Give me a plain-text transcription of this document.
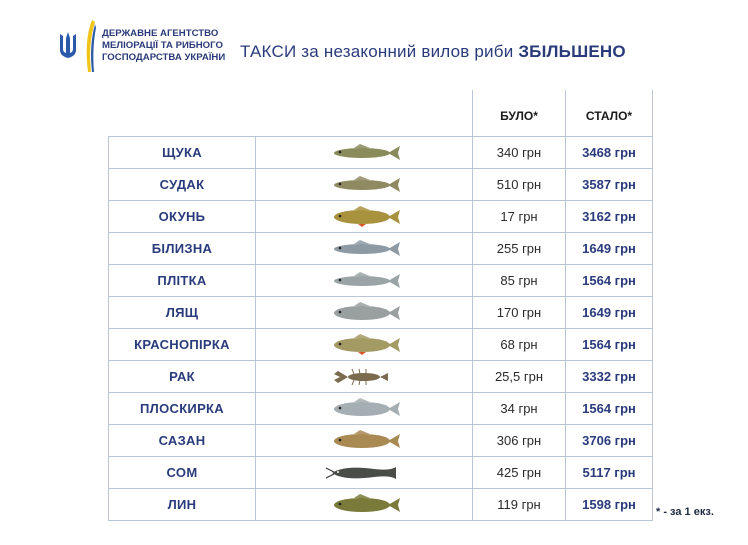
ДЕРЖАВНЕ АГЕНТСТВО
МЕЛІОРАЦІЇ ТА РИБНОГО
ГОСПОДАРСТВА УКРАЇНИ ТАКСИ за незаконний вилов риби ЗБІЛЬШЕНО
		БУЛО*	СТАЛО*
ЩУКА		340 грн	3468 грн
СУДАК		510 грн	3587 грн
ОКУНЬ		17 грн	3162 грн
БІЛИЗНА		255 грн	1649 грн
ПЛІТКА		85 грн	1564 грн
ЛЯЩ		170 грн	1649 грн
КРАСНОПІРКА		68 грн	1564 грн
РАК		25,5 грн	3332 грн
ПЛОСКИРКА		34 грн	1564 грн
САЗАН		306 грн	3706 грн
СОМ		425 грн	5117 грн
ЛИН		119 грн	1598 грн * - за 1 екз.
